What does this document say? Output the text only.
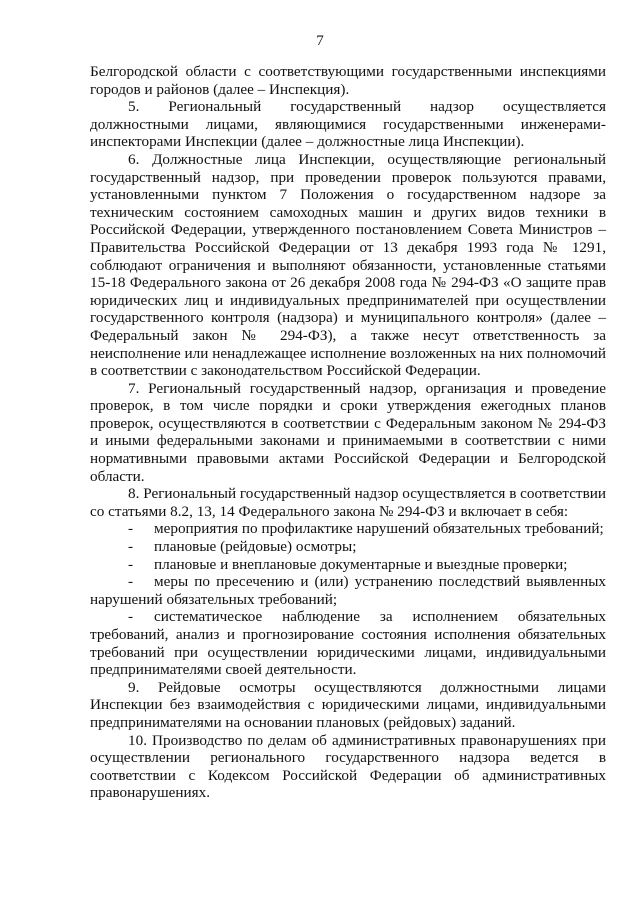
7

Белгородской области с соответствующими государственными инспекциями городов и районов (далее – Инспекция).

5. Региональный государственный надзор осуществляется должностными лицами, являющимися государственными инженерами-инспекторами Инспекции (далее – должностные лица Инспекции).

6. Должностные лица Инспекции, осуществляющие региональный государственный надзор, при проведении проверок пользуются правами, установленными пунктом 7 Положения о государственном надзоре за техническим состоянием самоходных машин и других видов техники в Российской Федерации, утвержденного постановлением Совета Министров – Правительства Российской Федерации от 13 декабря 1993 года № 1291, соблюдают ограничения и выполняют обязанности, установленные статьями 15-18 Федерального закона от 26 декабря 2008 года № 294-ФЗ «О защите прав юридических лиц и индивидуальных предпринимателей при осуществлении государственного контроля (надзора) и муниципального контроля» (далее – Федеральный закон № 294-ФЗ), а также несут ответственность за неисполнение или ненадлежащее исполнение возложенных на них полномочий в соответствии с законодательством Российской Федерации.

7. Региональный государственный надзор, организация и проведение проверок, в том числе порядки и сроки утверждения ежегодных планов проверок, осуществляются в соответствии с Федеральным законом № 294-ФЗ и иными федеральными законами и принимаемыми в соответствии с ними нормативными правовыми актами Российской Федерации и Белгородской области.

8. Региональный государственный надзор осуществляется в соответствии со статьями 8.2, 13, 14 Федерального закона № 294-ФЗ и включает в себя:

- мероприятия по профилактике нарушений обязательных требований;

- плановые (рейдовые) осмотры;

- плановые и внеплановые документарные и выездные проверки;

- меры по пресечению и (или) устранению последствий выявленных нарушений обязательных требований;

- систематическое наблюдение за исполнением обязательных требований, анализ и прогнозирование состояния исполнения обязательных требований при осуществлении юридическими лицами, индивидуальными предпринимателями своей деятельности.

9. Рейдовые осмотры осуществляются должностными лицами Инспекции без взаимодействия с юридическими лицами, индивидуальными предпринимателями на основании плановых (рейдовых) заданий.

10. Производство по делам об административных правонарушениях при осуществлении регионального государственного надзора ведется в соответствии с Кодексом Российской Федерации об административных правонарушениях.
